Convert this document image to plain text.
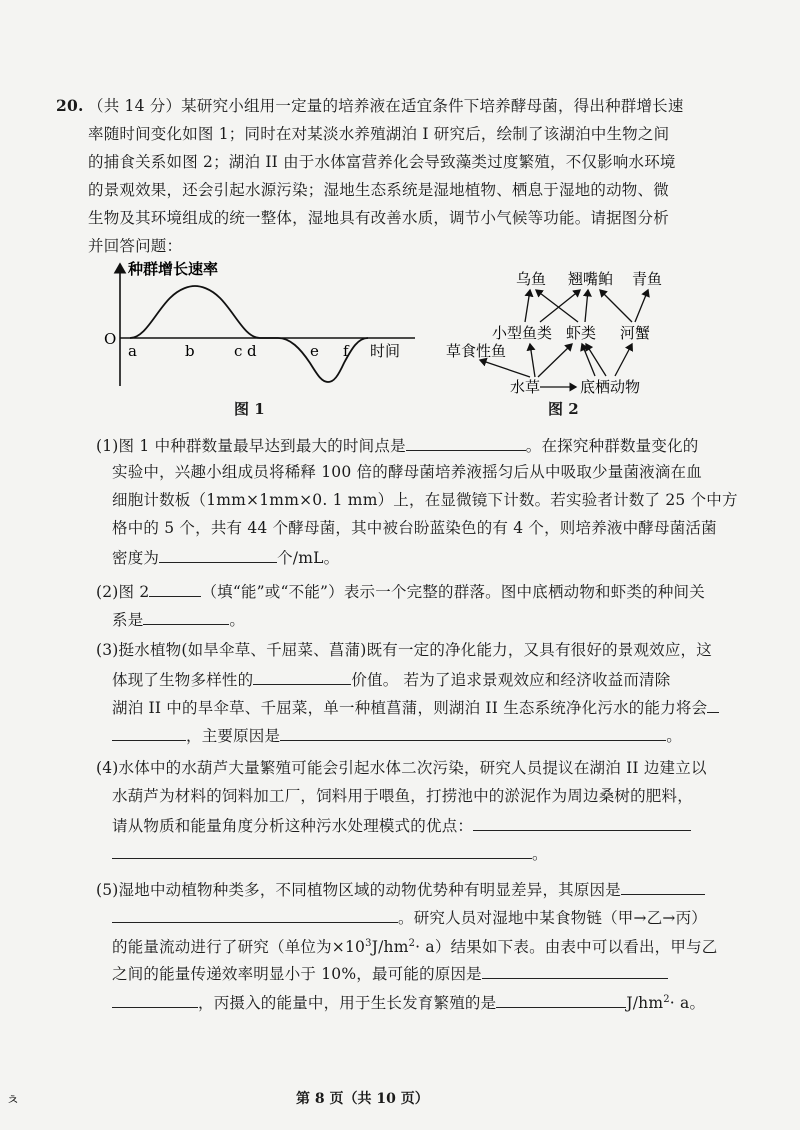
20. （共 14 分）某研究小组用一定量的培养液在适宜条件下培养酵母菌，得出种群增长速
率随时间变化如图 1；同时在对某淡水养殖湖泊 I 研究后，绘制了该湖泊中生物之间
的捕食关系如图 2；湖泊 II 由于水体富营养化会导致藻类过度繁殖，不仅影响水环境
的景观效果，还会引起水源污染；湿地生态系统是湿地植物、栖息于湿地的动物、微
生物及其环境组成的统一整体，湿地具有改善水质，调节小气候等功能。请据图分析
并回答问题：
种群增长速率
O
a	b	c d	e f 时间
图 1
乌鱼 翘嘴鲌 青鱼
小型鱼类 虾类 河蟹
草食性鱼
水草	底栖动物
图 2
(1)图 1 中种群数量最早达到最大的时间点是	。在探究种群数量变化的
实验中，兴趣小组成员将稀释 100 倍的酵母菌培养液摇匀后从中吸取少量菌液滴在血
细胞计数板（1mm×1mm×0. 1 mm）上，在显微镜下计数。若实验者计数了 25 个中方
格中的 5 个，共有 44 个酵母菌，其中被台盼蓝染色的有 4 个，则培养液中酵母菌活菌
密度为	个/mL。
(2)图 2	（填“能”或“不能”）表示一个完整的群落。图中底栖动物和虾类的种间关
系是	。
(3)挺水植物(如旱伞草、千屈菜、菖蒲)既有一定的净化能力，又具有很好的景观效应，这
体现了生物多样性的	价值。 若为了追求景观效应和经济收益而清除
湖泊 II 中的旱伞草、千屈菜，单一种植菖蒲，则湖泊 II 生态系统净化污水的能力将会
，主要原因是	。
(4)水体中的水葫芦大量繁殖可能会引起水体二次污染，研究人员提议在湖泊 II 边建立以
水葫芦为材料的饲料加工厂，饲料用于喂鱼，打捞池中的淤泥作为周边桑树的肥料，
请从物质和能量角度分析这种污水处理模式的优点：
。
(5)湿地中动植物种类多，不同植物区域的动物优势种有明显差异，其原因是
。研究人员对湿地中某食物链（甲→乙→丙）
的能量流动进行了研究（单位为$\times 10^3J/hm^2\cdot a$）结果如下表。由表中可以看出，甲与乙
之间的能量传递效率明显小于 10%，最可能的原因是
，丙摄入的能量中，用于生长发育繁殖的是	$J/hm^2\cdot a$。
ㅊ	第 8 页（共 10 页）
